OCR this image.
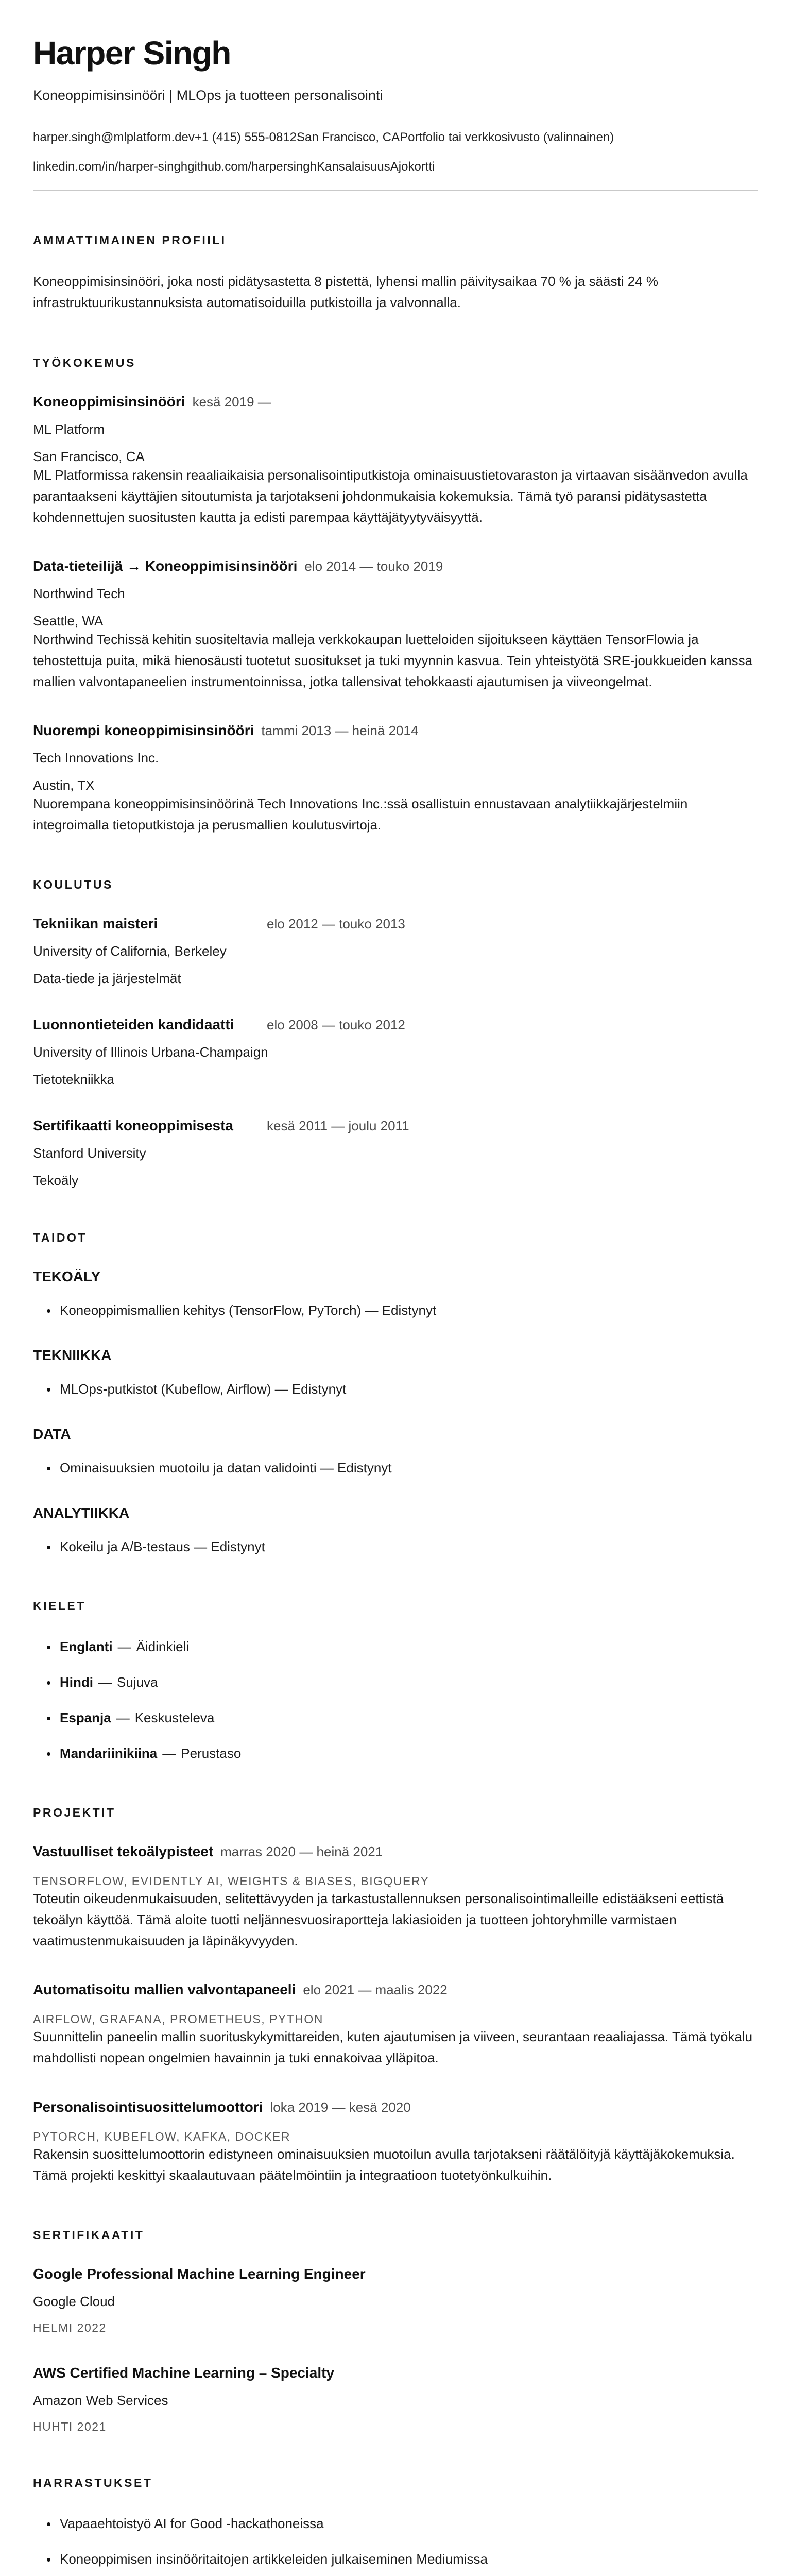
Harper Singh
Koneoppimisinsinööri | MLOps ja tuotteen personalisointi
harper.singh@mlplatform.dev +1 (415) 555-0812 San Francisco, CA Portfolio tai verkkosivusto (valinnainen)
linkedin.com/in/harper-singh github.com/harpersingh Kansalaisuus Ajokortti
AMMATTIMAINEN PROFIILI

Koneoppimisinsinööri, joka nosti pidätysastetta 8 pistettä, lyhensi mallin päivitysaikaa 70 % ja säästi 24 % infrastruktuurikustannuksista automatisoiduilla putkistoilla ja valvonnalla.

TYÖKOKEMUS
Koneoppimisinsinööri kesä 2019 —
ML Platform
San Francisco, CA

ML Platformissa rakensin reaaliaikaisia personalisointiputkistoja ominaisuustietovaraston ja virtaavan sisäänvedon avulla parantaakseni käyttäjien sitoutumista ja tarjotakseni johdonmukaisia kokemuksia. Tämä työ paransi pidätysastetta kohdennettujen suositusten kautta ja edisti parempaa käyttäjätyytyväisyyttä.

Data-tieteilijä → Koneoppimisinsinööri elo 2014 — touko 2019
Northwind Tech
Seattle, WA

Northwind Techissä kehitin suositeltavia malleja verkkokaupan luetteloiden sijoitukseen käyttäen TensorFlowia ja tehostettuja puita, mikä hienosäusti tuotetut suositukset ja tuki myynnin kasvua. Tein yhteistyötä SRE-joukkueiden kanssa mallien valvontapaneelien instrumentoinnissa, jotka tallensivat tehokkaasti ajautumisen ja viiveongelmat.

Nuorempi koneoppimisinsinööri tammi 2013 — heinä 2014
Tech Innovations Inc.
Austin, TX

Nuorempana koneoppimisinsinöörinä Tech Innovations Inc.:ssä osallistuin ennustavaan analytiikkajärjestelmiin integroimalla tietoputkistoja ja perusmallien koulutusvirtoja.

KOULUTUS
Tekniikan maisteri	elo 2012 — touko 2013
University of California, Berkeley
Data-tiede ja järjestelmät
Luonnontieteiden kandidaatti	elo 2008 — touko 2012
University of Illinois Urbana-Champaign
Tietotekniikka
Sertifikaatti koneoppimisesta	kesä 2011 — joulu 2011
Stanford University
Tekoäly
TAIDOT
TEKOÄLY
• Koneoppimismallien kehitys (TensorFlow, PyTorch) — Edistynyt
TEKNIIKKA
• MLOps-putkistot (Kubeflow, Airflow) — Edistynyt
DATA
• Ominaisuuksien muotoilu ja datan validointi — Edistynyt
ANALYTIIKKA
• Kokeilu ja A/B-testaus — Edistynyt
KIELET
• Englanti — Äidinkieli
• Hindi — Sujuva
• Espanja — Keskusteleva
• Mandariinikiina — Perustaso
PROJEKTIT
Vastuulliset tekoälypisteet marras 2020 — heinä 2021
TENSORFLOW, EVIDENTLY AI, WEIGHTS & BIASES, BIGQUERY

Toteutin oikeudenmukaisuuden, selitettävyyden ja tarkastustallennuksen personalisointimalleille edistääkseni eettistä tekoälyn käyttöä. Tämä aloite tuotti neljännesvuosiraportteja lakiasioiden ja tuotteen johtoryhmille varmistaen vaatimustenmukaisuuden ja läpinäkyvyyden.

Automatisoitu mallien valvontapaneeli elo 2021 — maalis 2022
AIRFLOW, GRAFANA, PROMETHEUS, PYTHON

Suunnittelin paneelin mallin suorituskykymittareiden, kuten ajautumisen ja viiveen, seurantaan reaaliajassa. Tämä työkalu mahdollisti nopean ongelmien havainnin ja tuki ennakoivaa ylläpitoa.

Personalisointisuosittelumoottori loka 2019 — kesä 2020
PYTORCH, KUBEFLOW, KAFKA, DOCKER

Rakensin suosittelumoottorin edistyneen ominaisuuksien muotoilun avulla tarjotakseni räätälöityjä käyttäjäkokemuksia. Tämä projekti keskittyi skaalautuvaan päätelmöintiin ja integraatioon tuotetyönkulkuihin.

SERTIFIKAATIT
Google Professional Machine Learning Engineer
Google Cloud
HELMI 2022
AWS Certified Machine Learning – Specialty
Amazon Web Services
HUHTI 2021
HARRASTUKSET
• Vapaaehtoistyö AI for Good -hackathoneissa
• Koneoppimisen insinööritaitojen artikkeleiden julkaiseminen Mediumissa
